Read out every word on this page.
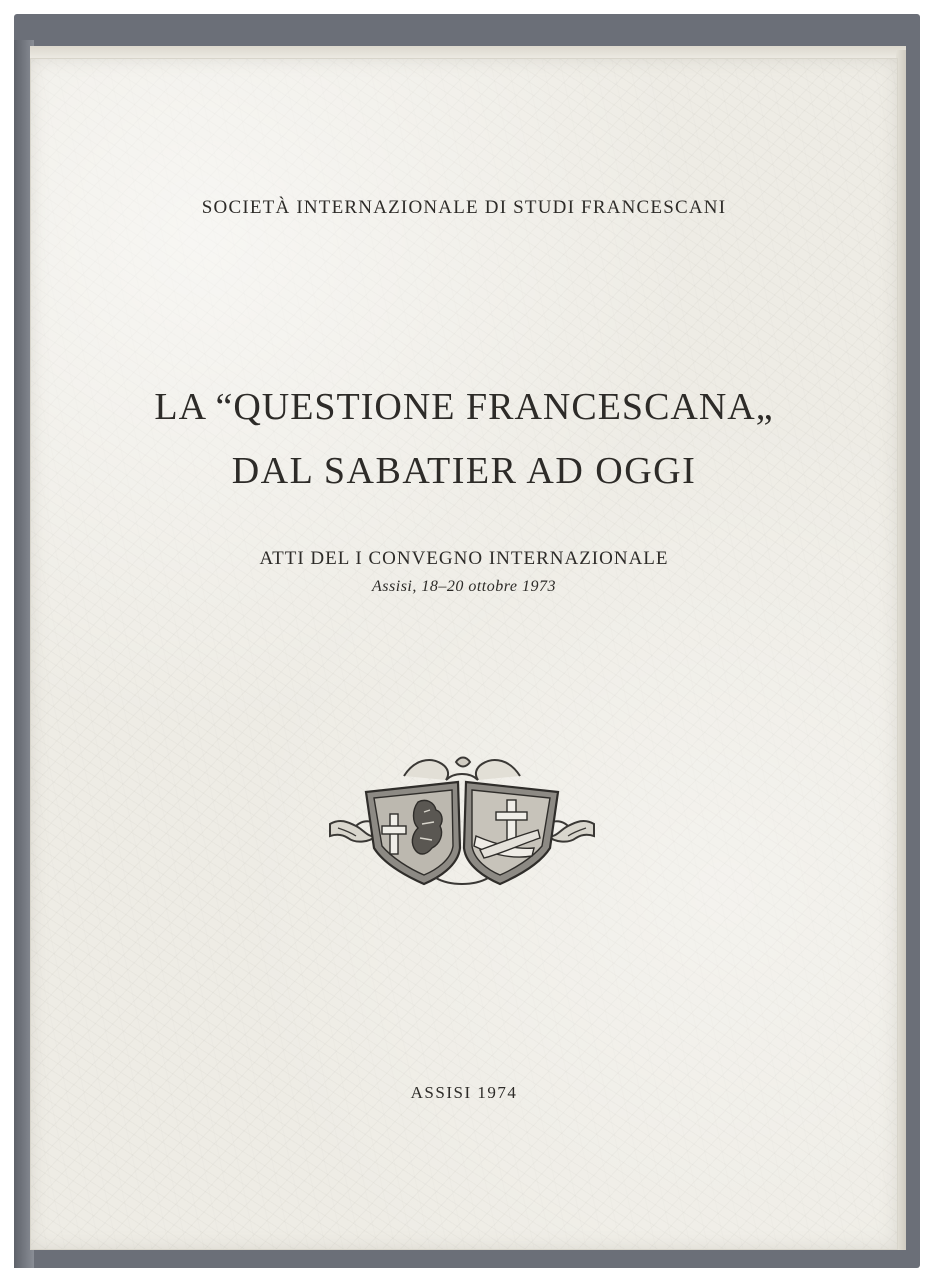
SOCIETÀ INTERNAZIONALE DI STUDI FRANCESCANI
LA “QUESTIONE FRANCESCANA„
DAL SABATIER AD OGGI
ATTI DEL I CONVEGNO INTERNAZIONALE
Assisi, 18–20 ottobre 1973
ASSISI 1974
